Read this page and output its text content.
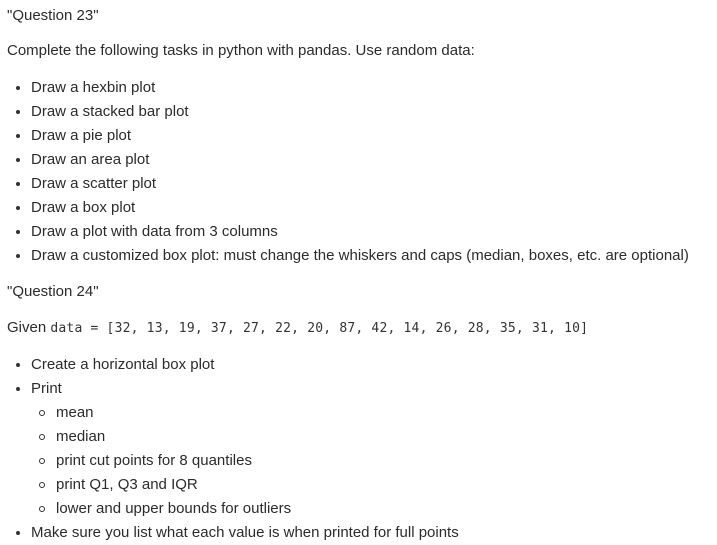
"Question 23"

Complete the following tasks in python with pandas. Use random data:

Draw a hexbin plot
Draw a stacked bar plot
Draw a pie plot
Draw an area plot
Draw a scatter plot
Draw a box plot
Draw a plot with data from 3 columns
Draw a customized box plot: must change the whiskers and caps (median, boxes, etc. are optional)

"Question 24"

Given data = [32, 13, 19, 37, 27, 22, 20, 87, 42, 14, 26, 28, 35, 31, 10]

Create a horizontal box plot
Print
mean
median
print cut points for 8 quantiles
print Q1, Q3 and IQR
lower and upper bounds for outliers
Make sure you list what each value is when printed for full points
